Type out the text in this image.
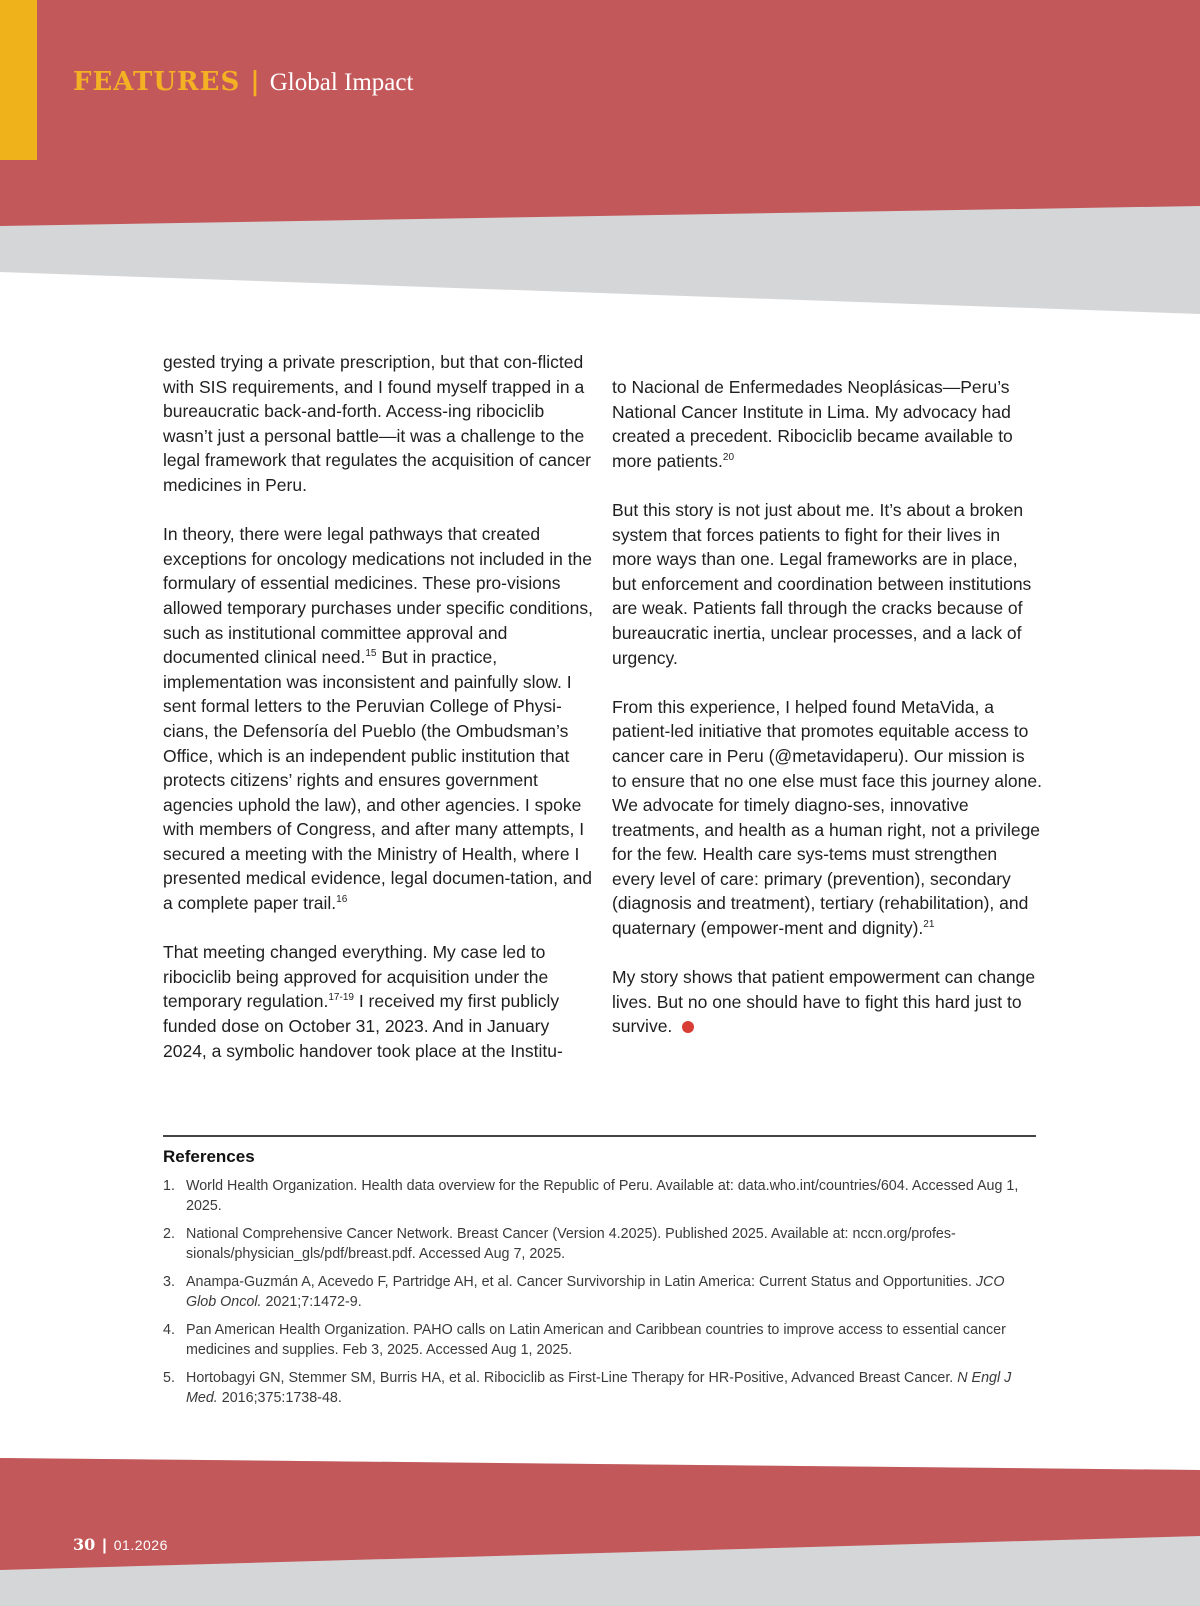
FEATURES | Global Impact

gested trying a private prescription, but that con-flicted with SIS requirements, and I found myself trapped in a bureaucratic back-and-forth. Access-ing ribociclib wasn’t just a personal battle—it was a challenge to the legal framework that regulates the acquisition of cancer medicines in Peru.

In theory, there were legal pathways that created exceptions for oncology medications not included in the formulary of essential medicines. These pro-visions allowed temporary purchases under specific conditions, such as institutional committee approval and documented clinical need.$^{15}$ But in practice, implementation was inconsistent and painfully slow. I sent formal letters to the Peruvian College of Physi-cians, the Defensoría del Pueblo (the Ombudsman’s Office, which is an independent public institution that protects citizens’ rights and ensures government agencies uphold the law), and other agencies. I spoke with members of Congress, and after many attempts, I secured a meeting with the Ministry of Health, where I presented medical evidence, legal documen-tation, and a complete paper trail.$^{16}$

That meeting changed everything. My case led to ribociclib being approved for acquisition under the temporary regulation.$^{17-19}$ I received my first publicly funded dose on October 31, 2023. And in January 2024, a symbolic handover took place at the Institu-

to Nacional de Enfermedades Neoplásicas—Peru’s National Cancer Institute in Lima. My advocacy had created a precedent. Ribociclib became available to more patients.$^{20}$

But this story is not just about me. It’s about a broken system that forces patients to fight for their lives in more ways than one. Legal frameworks are in place, but enforcement and coordination between institutions are weak. Patients fall through the cracks because of bureaucratic inertia, unclear processes, and a lack of urgency.

From this experience, I helped found MetaVida, a patient-led initiative that promotes equitable access to cancer care in Peru (@metavidaperu). Our mission is to ensure that no one else must face this journey alone. We advocate for timely diagno-ses, innovative treatments, and health as a human right, not a privilege for the few. Health care sys-tems must strengthen every level of care: primary (prevention), secondary (diagnosis and treatment), tertiary (rehabilitation), and quaternary (empower-ment and dignity).$^{21}$

My story shows that patient empowerment can change lives. But no one should have to fight this hard just to survive.

References
1. World Health Organization. Health data overview for the Republic of Peru. Available at: data.who.int/countries/604. Accessed Aug 1, 2025.
2. National Comprehensive Cancer Network. Breast Cancer (Version 4.2025). Published 2025. Available at: nccn.org/profes-sionals/physician_gls/pdf/breast.pdf. Accessed Aug 7, 2025.
3. Anampa-Guzmán A, Acevedo F, Partridge AH, et al. Cancer Survivorship in Latin America: Current Status and Opportunities. JCO Glob Oncol. 2021;7:1472-9.
4. Pan American Health Organization. PAHO calls on Latin American and Caribbean countries to improve access to essential cancer medicines and supplies. Feb 3, 2025. Accessed Aug 1, 2025.
5. Hortobagyi GN, Stemmer SM, Burris HA, et al. Ribociclib as First-Line Therapy for HR-Positive, Advanced Breast Cancer. N Engl J Med. 2016;375:1738-48.
30 | 01.2026
